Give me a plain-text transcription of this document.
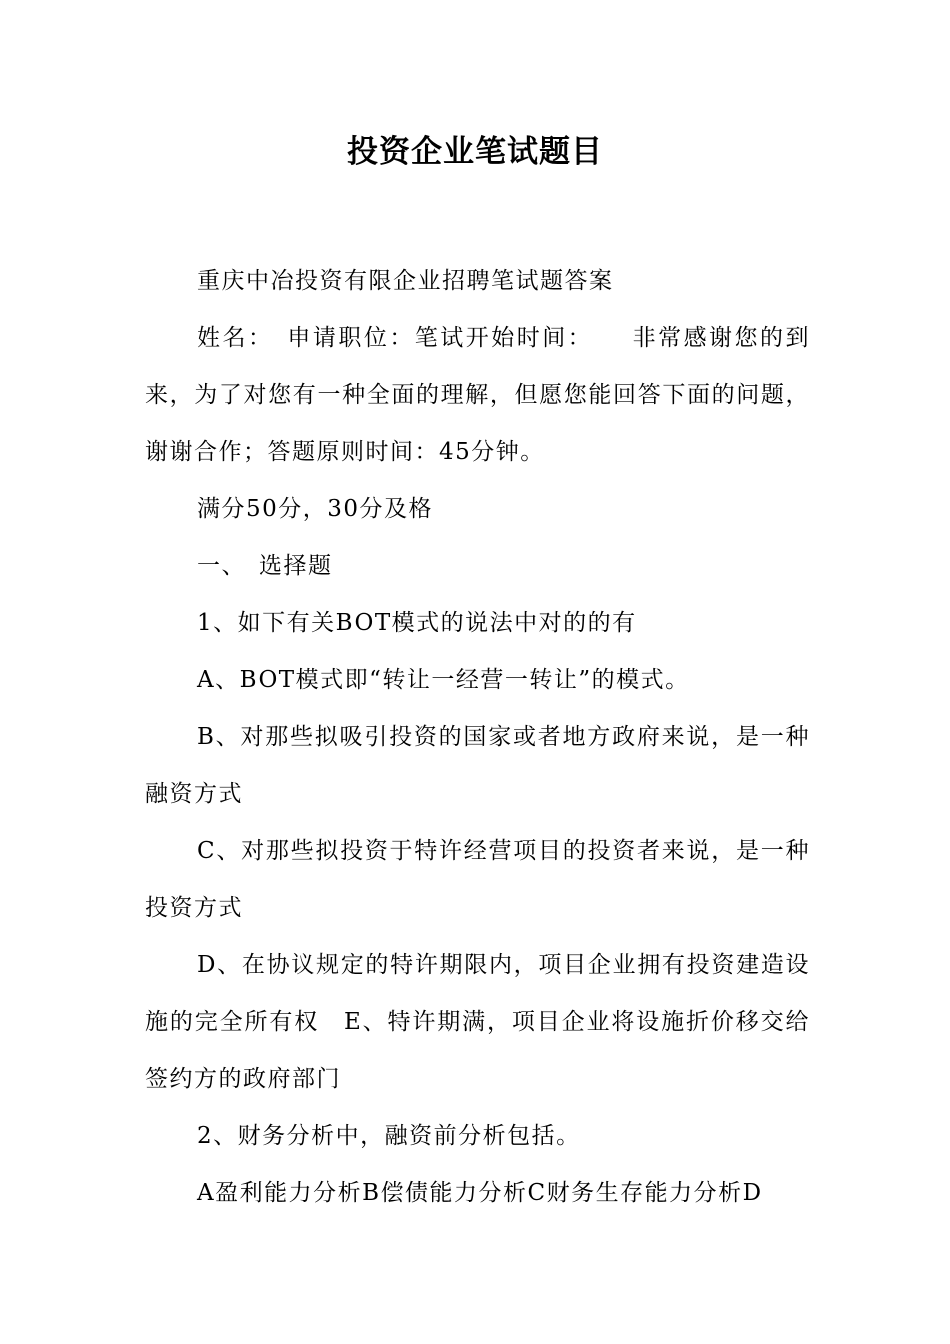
投资企业笔试题目

重庆中冶投资有限企业招聘笔试题答案

姓名：　申请职位：笔试开始时间：　　非常感谢您的到来，为了对您有一种全面的理解，但愿您能回答下面的问题，谢谢合作；答题原则时间：45分钟。

满分50分，30分及格

一、　选择题

1、如下有关BOT模式的说法中对的的有

A、BOT模式即“转让一经营一转让”的模式。

B、对那些拟吸引投资的国家或者地方政府来说，是一种融资方式

C、对那些拟投资于特许经营项目的投资者来说，是一种投资方式

D、在协议规定的特许期限内，项目企业拥有投资建造设施的完全所有权　E、特许期满，项目企业将设施折价移交给签约方的政府部门

2、财务分析中，融资前分析包括。

A盈利能力分析B偿债能力分析C财务生存能力分析D
